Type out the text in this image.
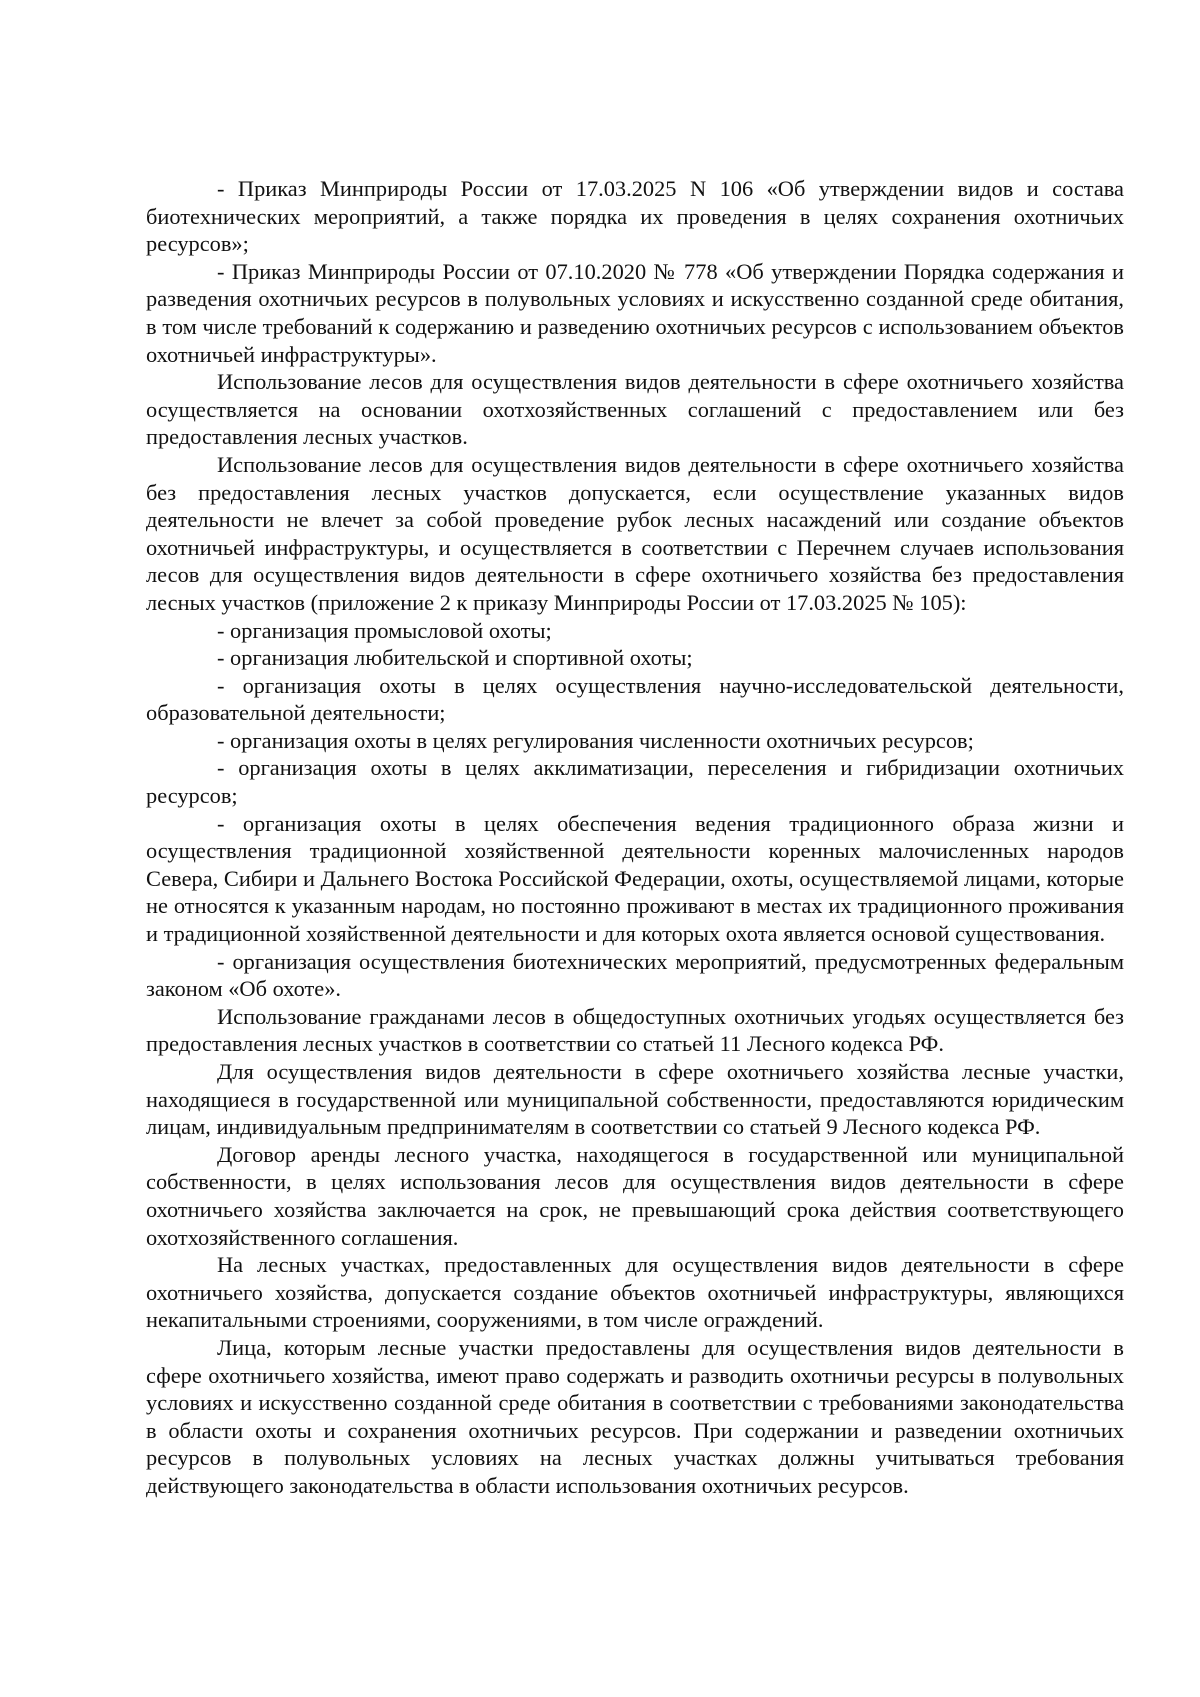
- Приказ Минприроды России от 17.03.2025 N 106 «Об утверждении видов и состава биотехнических мероприятий, а также порядка их проведения в целях сохранения охотничьих ресурсов»;

- Приказ Минприроды России от 07.10.2020 № 778 «Об утверждении Порядка содержания и разведения охотничьих ресурсов в полувольных условиях и искусственно созданной среде обитания, в том числе требований к содержанию и разведению охотничьих ресурсов с использованием объектов охотничьей инфраструктуры».

Использование лесов для осуществления видов деятельности в сфере охотничьего хозяйства осуществляется на основании охотхозяйственных соглашений с предоставлением или без предоставления лесных участков.

Использование лесов для осуществления видов деятельности в сфере охотничьего хозяйства без предоставления лесных участков допускается, если осуществление указанных видов деятельности не влечет за собой проведение рубок лесных насаждений или создание объектов охотничьей инфраструктуры, и осуществляется в соответствии с Перечнем случаев использования лесов для осуществления видов деятельности в сфере охотничьего хозяйства без предоставления лесных участков (приложение 2 к приказу Минприроды России от 17.03.2025 № 105):

- организация промысловой охоты;

- организация любительской и спортивной охоты;

- организация охоты в целях осуществления научно-исследовательской деятельности, образовательной деятельности;

- организация охоты в целях регулирования численности охотничьих ресурсов;

- организация охоты в целях акклиматизации, переселения и гибридизации охотничьих ресурсов;

- организация охоты в целях обеспечения ведения традиционного образа жизни и осуществления традиционной хозяйственной деятельности коренных малочисленных народов Севера, Сибири и Дальнего Востока Российской Федерации, охоты, осуществляемой лицами, которые не относятся к указанным народам, но постоянно проживают в местах их традиционного проживания и традиционной хозяйственной деятельности и для которых охота является основой существования.

- организация осуществления биотехнических мероприятий, предусмотренных федеральным законом «Об охоте».

Использование гражданами лесов в общедоступных охотничьих угодьях осуществляется без предоставления лесных участков в соответствии со статьей 11 Лесного кодекса РФ.

Для осуществления видов деятельности в сфере охотничьего хозяйства лесные участки, находящиеся в государственной или муниципальной собственности, предоставляются юридическим лицам, индивидуальным предпринимателям в соответствии со статьей 9 Лесного кодекса РФ.

Договор аренды лесного участка, находящегося в государственной или муниципальной собственности, в целях использования лесов для осуществления видов деятельности в сфере охотничьего хозяйства заключается на срок, не превышающий срока действия соответствующего охотхозяйственного соглашения.

На лесных участках, предоставленных для осуществления видов деятельности в сфере охотничьего хозяйства, допускается создание объектов охотничьей инфраструктуры, являющихся некапитальными строениями, сооружениями, в том числе ограждений.

Лица, которым лесные участки предоставлены для осуществления видов деятельности в сфере охотничьего хозяйства, имеют право содержать и разводить охотничьи ресурсы в полувольных условиях и искусственно созданной среде обитания в соответствии с требованиями законодательства в области охоты и сохранения охотничьих ресурсов. При содержании и разведении охотничьих ресурсов в полувольных условиях на лесных участках должны учитываться требования действующего законодательства в области использования охотничьих ресурсов.
